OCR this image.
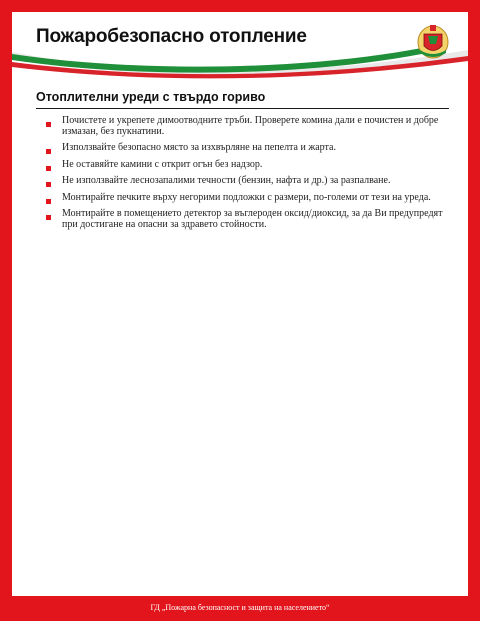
Пожаробезопасно отопление
Отоплителни уреди с твърдо гориво
Почистете и укрепете димоотводните тръби. Проверете комина дали е почистен и добре измазан, без пукнатини.
Използвайте безопасно място за изхвърляне на пепелта и жарта.
Не оставяйте камини с открит огън без надзор.
Не използвайте леснозапалими течности (бензин, нафта и др.) за разпалване.
Монтирайте печките върху негорими подложки с размери, по-големи от тези на уреда.
Монтирайте в помещението детектор за въглероден оксид/диоксид, за да Ви предупредят при достигане на опасни за здравето стойности.
ГД „Пожарна безопасност и защита на населението“
